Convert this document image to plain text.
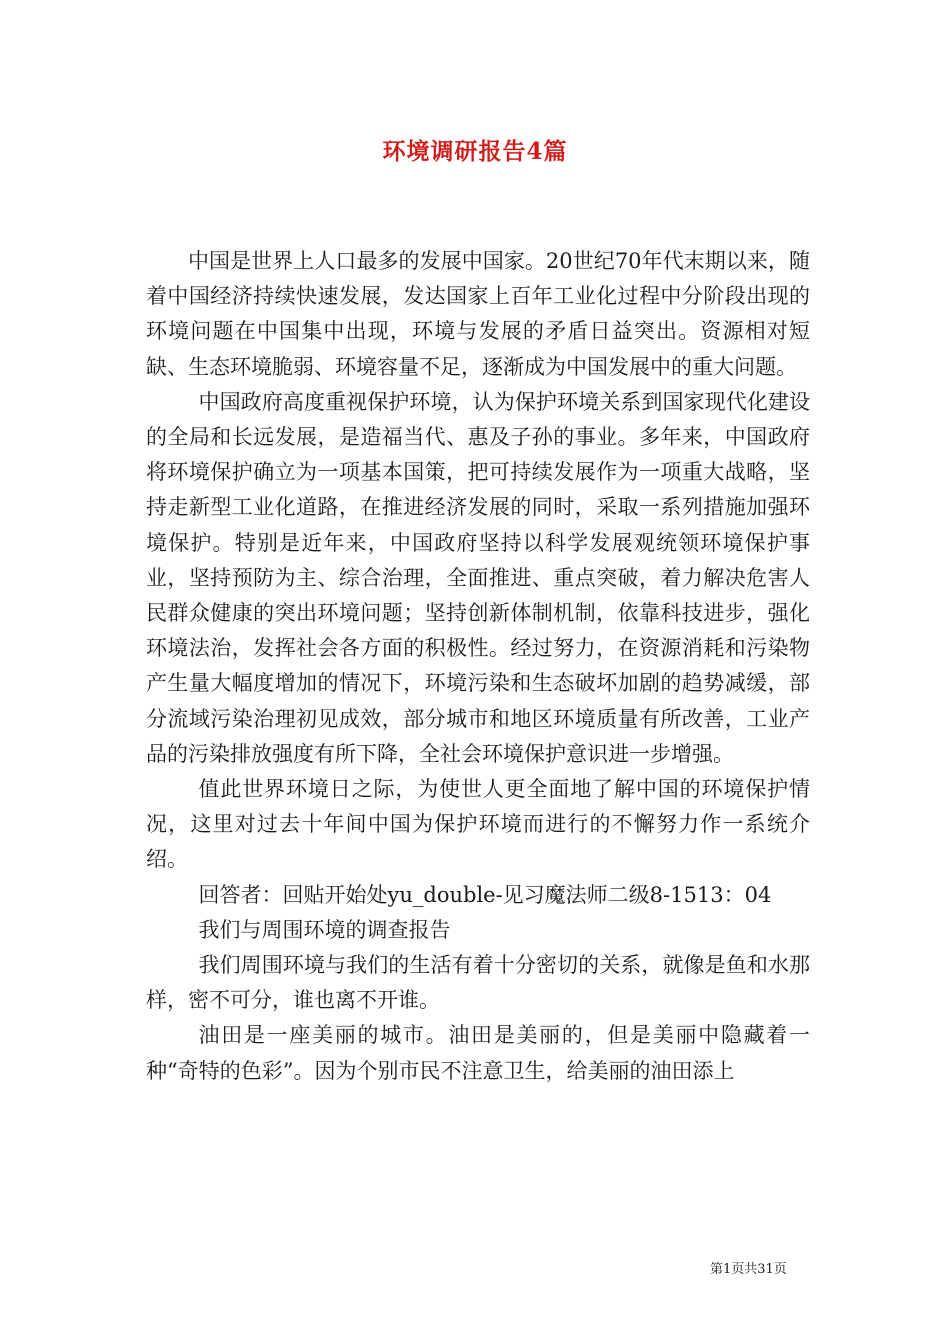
环境调研报告4篇

中国是世界上人口最多的发展中国家。20世纪70年代末期以来，随着中国经济持续快速发展，发达国家上百年工业化过程中分阶段出现的环境问题在中国集中出现，环境与发展的矛盾日益突出。资源相对短缺、生态环境脆弱、环境容量不足，逐渐成为中国发展中的重大问题。

中国政府高度重视保护环境，认为保护环境关系到国家现代化建设的全局和长远发展，是造福当代、惠及子孙的事业。多年来，中国政府将环境保护确立为一项基本国策，把可持续发展作为一项重大战略，坚持走新型工业化道路，在推进经济发展的同时，采取一系列措施加强环境保护。特别是近年来，中国政府坚持以科学发展观统领环境保护事业，坚持预防为主、综合治理，全面推进、重点突破，着力解决危害人民群众健康的突出环境问题；坚持创新体制机制，依靠科技进步，强化环境法治，发挥社会各方面的积极性。经过努力，在资源消耗和污染物产生量大幅度增加的情况下，环境污染和生态破坏加剧的趋势减缓，部分流域污染治理初见成效，部分城市和地区环境质量有所改善，工业产品的污染排放强度有所下降，全社会环境保护意识进一步增强。

值此世界环境日之际，为使世人更全面地了解中国的环境保护情况，这里对过去十年间中国为保护环境而进行的不懈努力作一系统介绍。

回答者：回贴开始处yu_double-见习魔法师二级8-1513：04

我们与周围环境的调查报告

我们周围环境与我们的生活有着十分密切的关系，就像是鱼和水那样，密不可分，谁也离不开谁。

油田是一座美丽的城市。油田是美丽的，但是美丽中隐藏着一种“奇特的色彩”。因为个别市民不注意卫生，给美丽的油田添上

第1页共31页
